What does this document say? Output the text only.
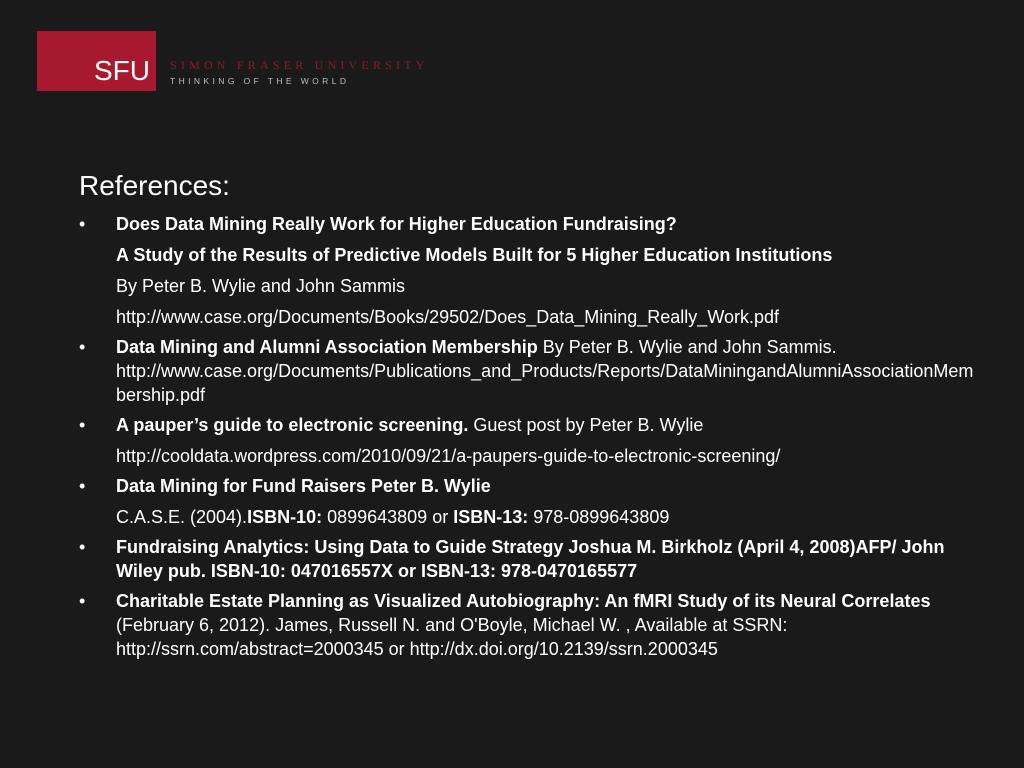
SFU SIMON FRASER UNIVERSITY
THINKING OF THE WORLD
References:
•	Does Data Mining Really Work for Higher Education Fundraising?
A Study of the Results of Predictive Models Built for 5 Higher Education Institutions
By Peter B. Wylie and John Sammis
http://www.case.org/Documents/Books/29502/Does_Data_Mining_Really_Work.pdf
•	Data Mining and Alumni Association Membership By Peter B. Wylie and John Sammis.
http://www.case.org/Documents/Publications_and_Products/Reports/DataMiningandAlumniAssociationMembership.pdf
•	A pauper’s guide to electronic screening. Guest post by Peter B. Wylie
http://cooldata.wordpress.com/2010/09/21/a-paupers-guide-to-electronic-screening/
•	Data Mining for Fund Raisers Peter B. Wylie
C.A.S.E. (2004).ISBN-10: 0899643809 or ISBN-13: 978-0899643809
•	Fundraising Analytics: Using Data to Guide Strategy Joshua M. Birkholz (April 4, 2008)AFP/ John Wiley pub. ISBN-10: 047016557X or ISBN-13: 978-0470165577
•	Charitable Estate Planning as Visualized Autobiography: An fMRI Study of its Neural Correlates (February 6, 2012). James, Russell N. and O'Boyle, Michael W. , Available at SSRN: http://ssrn.com/abstract=2000345 or http://dx.doi.org/10.2139/ssrn.2000345
